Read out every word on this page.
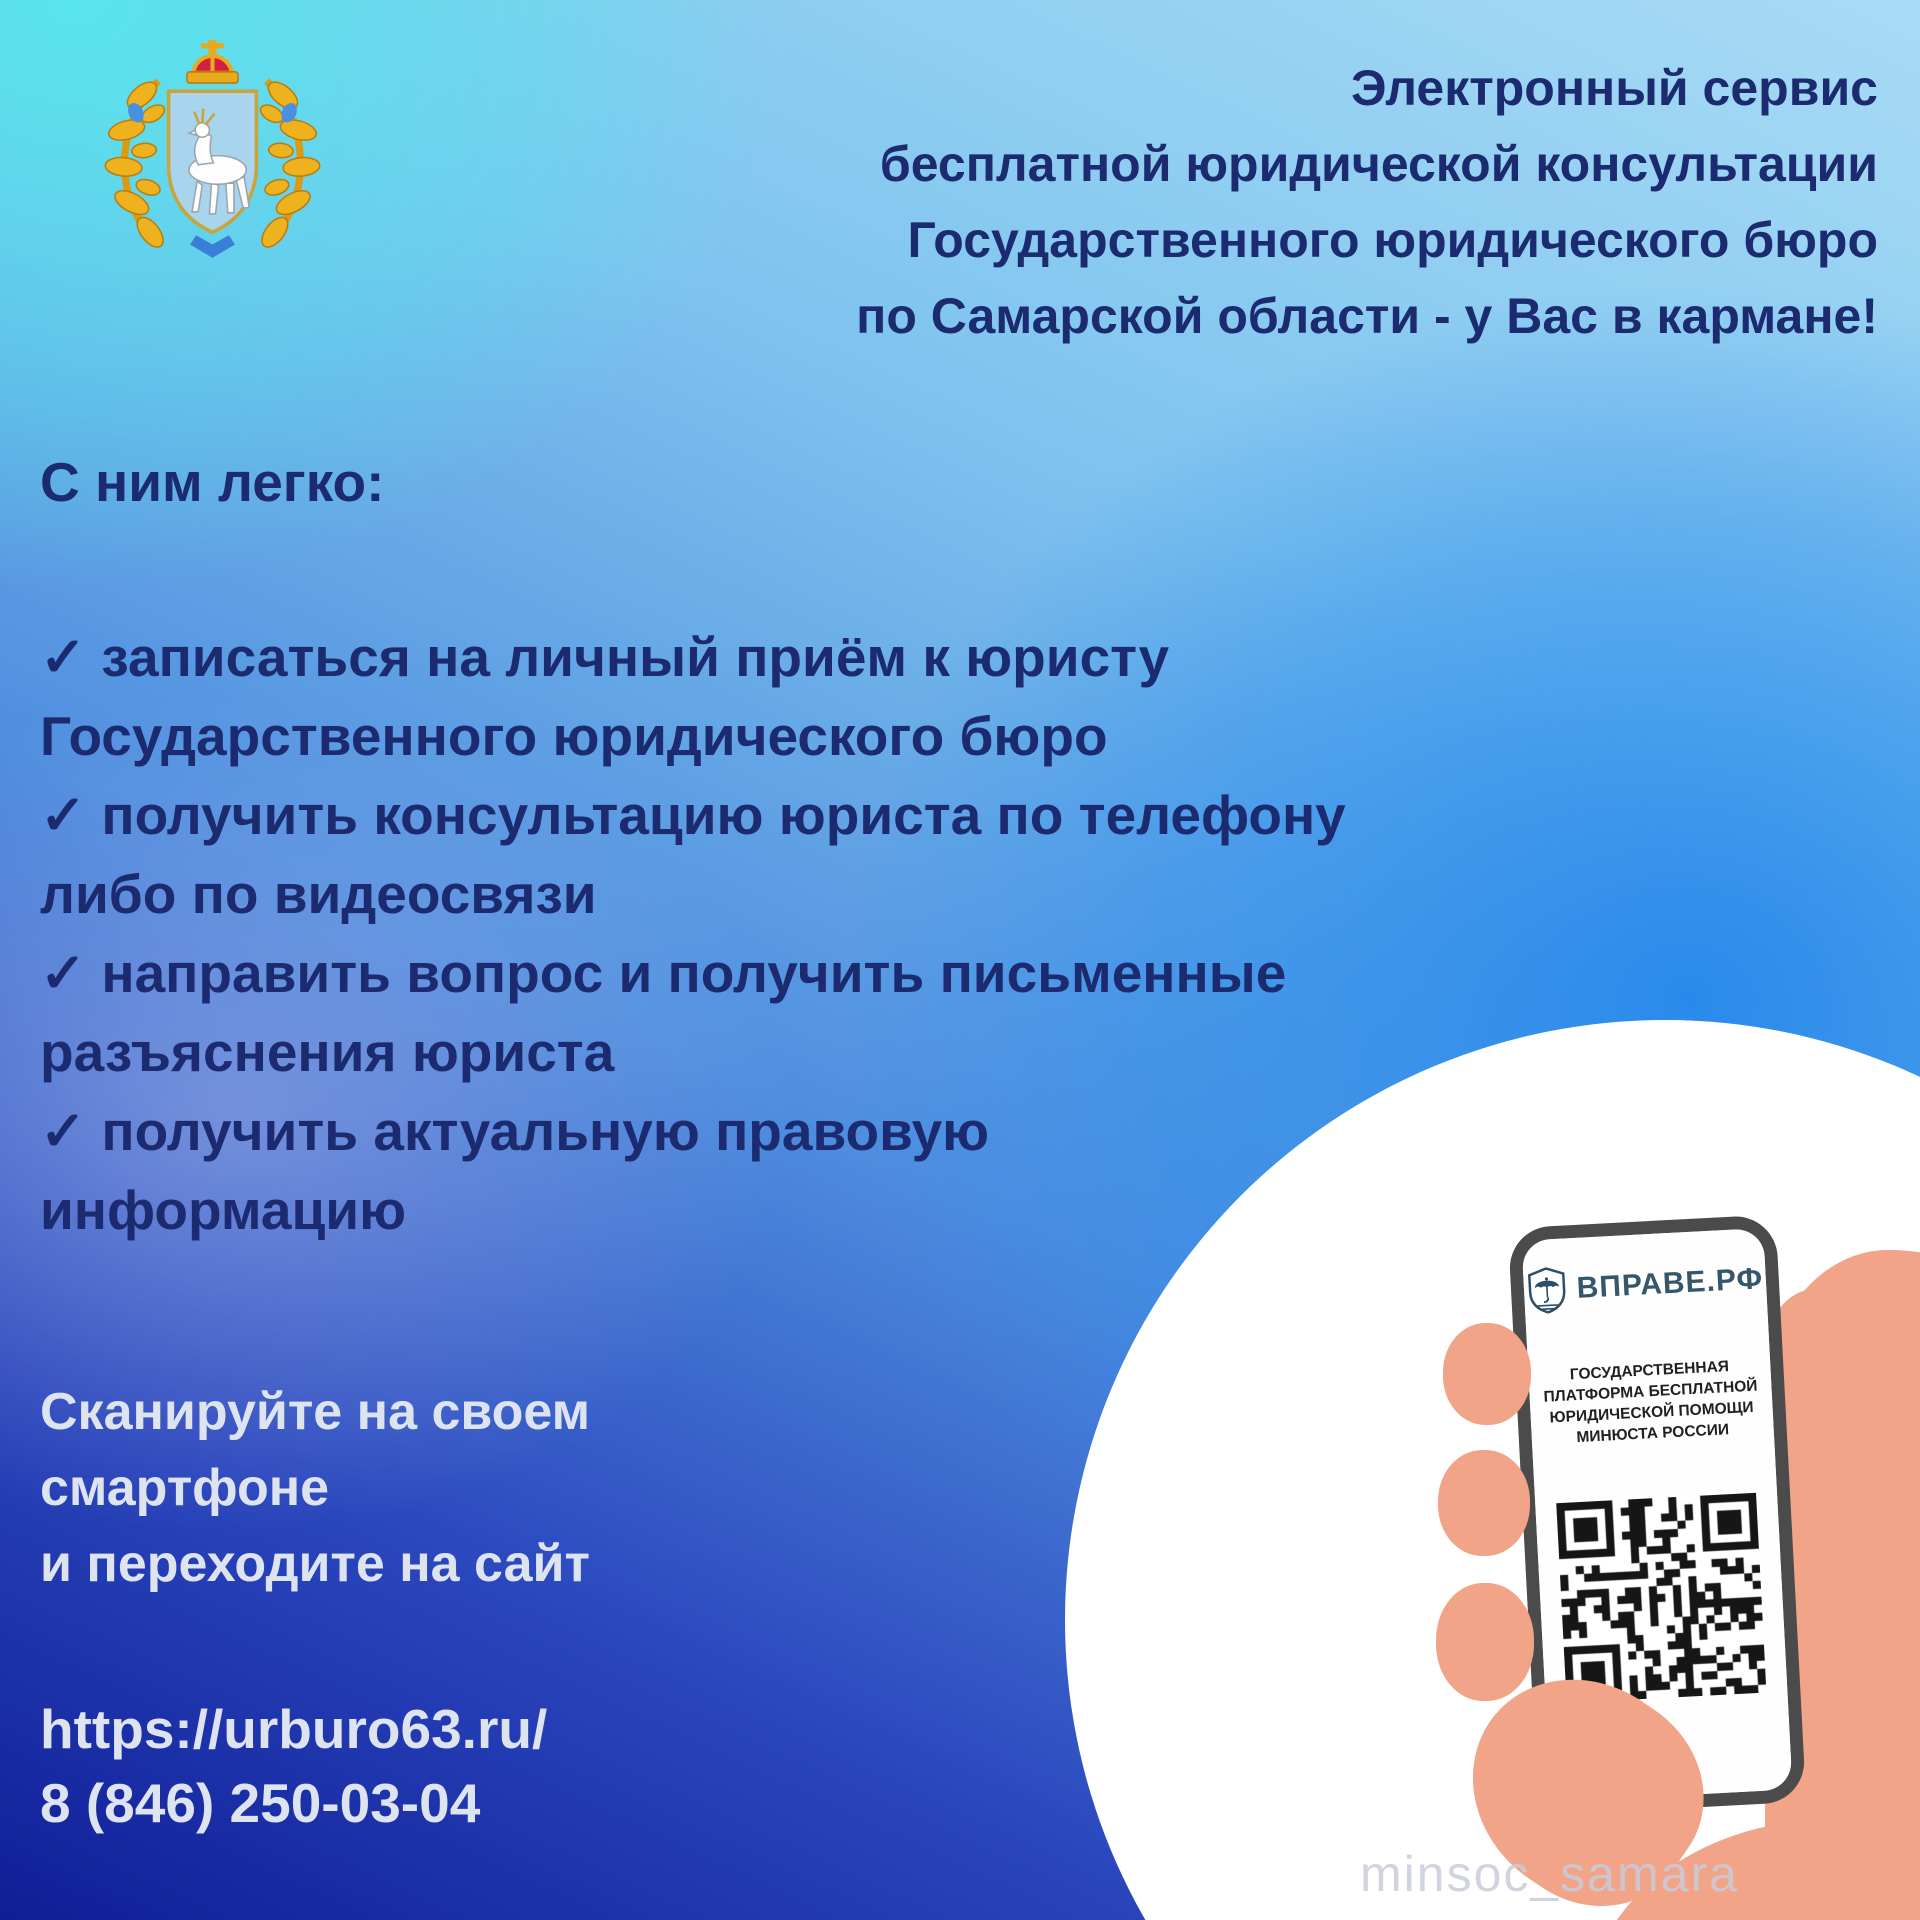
Электронный сервис
бесплатной юридической консультации
Государственного юридического бюро
по Самарской области - у Вас в кармане!
С ним легко:
✓ записаться на личный приём к юристу
Государственного юридического бюро
✓ получить консультацию юриста по телефону
либо по видеосвязи
✓ направить вопрос и получить письменные
разъяснения юриста
✓ получить актуальную правовую
информацию
Сканируйте на своем
смартфоне
и переходите на сайт
https://urburo63.ru/
8 (846) 250-03-04
ВПРАВЕ.РФ
ГОСУДАРСТВЕННАЯ
ПЛАТФОРМА БЕСПЛАТНОЙ
ЮРИДИЧЕСКОЙ ПОМОЩИ
МИНЮСТА РОССИИ
minsoc_samara
